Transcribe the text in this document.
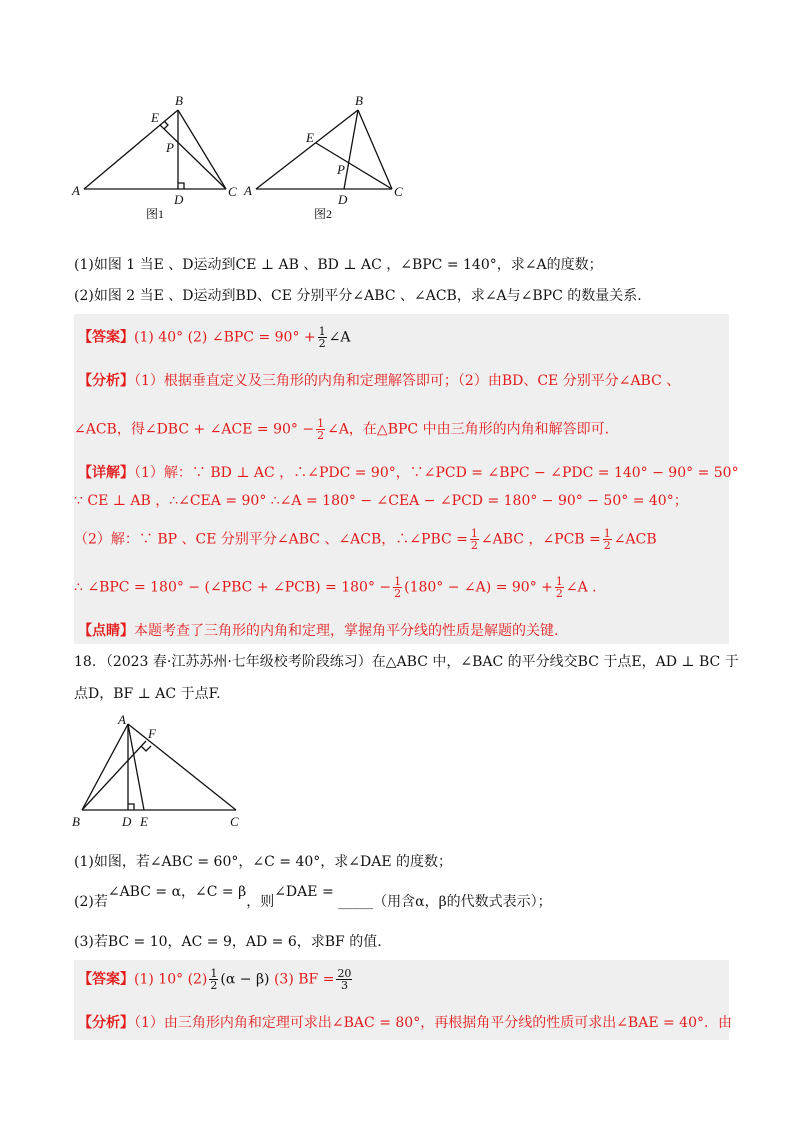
A
B
C
D
E
P
图1
A
B
C
D
E
P
图2
(1)如图 1 当E 、D运动到CE ⊥ AB 、BD ⊥ AC ，∠BPC = 140°，求∠A的度数；
(2)如图 2 当E 、D运动到BD、CE 分别平分∠ABC 、∠ACB，求∠A与∠BPC 的数量关系.
【答案】(1) 40° (2) ∠BPC = $90^\circ + \frac{1}{2}$ ∠A
【分析】（1）根据垂直定义及三角形的内角和定理解答即可；（2）由BD、CE 分别平分∠ABC 、
∠ACB，得∠DBC + ∠ACE = $90^\circ - \frac{1}{2}$ ∠A，在△BPC 中由三角形的内角和解答即可.
【详解】（1）解：∵ BD ⊥ AC ，∴∠PDC = 90°，∵∠PCD = ∠BPC − ∠PDC = 140° − 90° = 50°
∵ CE ⊥ AB ，∴∠CEA = 90° ∴∠A = 180° − ∠CEA − ∠PCD = 180° − 90° − 50° = 40°；
（2）解：∵ BP 、CE 分别平分∠ABC 、∠ACB，∴∠PBC = $\frac{1}{2}$ ∠ABC ，∠PCB = $\frac{1}{2}$ ∠ACB
∴ ∠BPC = 180° − (∠PBC + ∠PCB) = $180^\circ - \frac{1}{2} (180^\circ$ − ∠A) = $90^\circ + \frac{1}{2}$ ∠A .
【点睛】本题考查了三角形的内角和定理，掌握角平分线的性质是解题的关键.
18．（2023 春·江苏苏州·七年级校考阶段练习）在△ABC 中，∠BAC 的平分线交BC 于点E，AD ⊥ BC 于
点D，BF ⊥ AC 于点F.
A
B	C
D E
F
(1)如图，若∠ABC = 60°，∠C = 40°，求∠DAE 的度数；
(2)若∠ABC = α，∠C = β，则∠DAE = _____（用含α，β的代数式表示）；
(3)若BC = 10，AC = 9，AD = 6，求BF 的值.
【答案】(1) 10° $(2) \frac{1}{2} (\alpha - \beta)$ (3) BF = $\frac{20}{3}$
【分析】（1）由三角形内角和定理可求出∠BAC = 80°，再根据角平分线的性质可求出∠BAE = 40°．由
